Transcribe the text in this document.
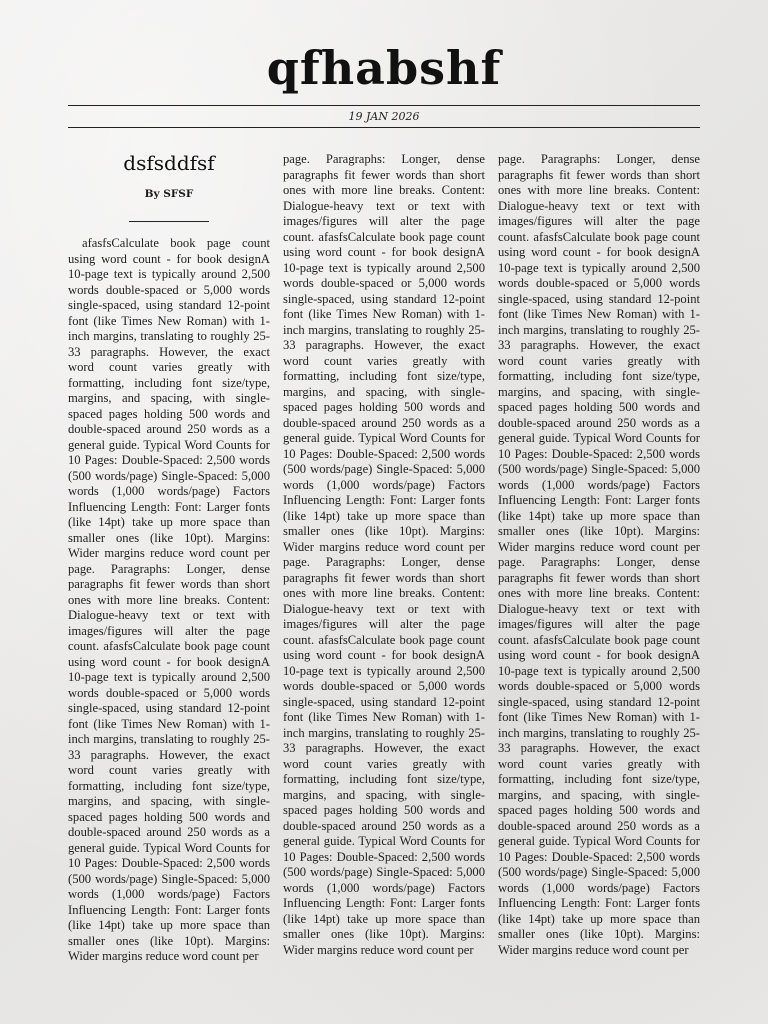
qfhabshf
19 JAN 2026
dsfsddfsf
By SFSF
afasfsCalculate book page count using word count - for book designA 10-page text is typically around 2,500 words double-spaced or 5,000 words single-spaced, using standard 12-point font (like Times New Roman) with 1-inch margins, translating to roughly 25-33 paragraphs. However, the exact word count varies greatly with formatting, including font size/type, margins, and spacing, with single-spaced pages holding 500 words and double-spaced around 250 words as a general guide. Typical Word Counts for 10 Pages: Double-Spaced: 2,500 words (500 words/page) Single-Spaced: 5,000 words (1,000 words/page) Factors Influencing Length: Font: Larger fonts (like 14pt) take up more space than smaller ones (like 10pt). Margins: Wider margins reduce word count per page. Paragraphs: Longer, dense paragraphs fit fewer words than short ones with more line breaks. Content: Dialogue-heavy text or text with images/figures will alter the page count. afasfsCalculate book page count using word count - for book designA 10-page text is typically around 2,500 words double-spaced or 5,000 words single-spaced, using standard 12-point font (like Times New Roman) with 1-inch margins, translating to roughly 25-33 paragraphs. However, the exact word count varies greatly with formatting, including font size/type, margins, and spacing, with single-spaced pages holding 500 words and double-spaced around 250 words as a general guide. Typical Word Counts for 10 Pages: Double-Spaced: 2,500 words (500 words/page) Single-Spaced: 5,000 words (1,000 words/page) Factors Influencing Length: Font: Larger fonts (like 14pt) take up more space than smaller ones (like 10pt). Margins: Wider margins reduce word count per
page. Paragraphs: Longer, dense paragraphs fit fewer words than short ones with more line breaks. Content: Dialogue-heavy text or text with images/figures will alter the page count. afasfsCalculate book page count using word count - for book designA 10-page text is typically around 2,500 words double-spaced or 5,000 words single-spaced, using standard 12-point font (like Times New Roman) with 1-inch margins, translating to roughly 25-33 paragraphs. However, the exact word count varies greatly with formatting, including font size/type, margins, and spacing, with single-spaced pages holding 500 words and double-spaced around 250 words as a general guide. Typical Word Counts for 10 Pages: Double-Spaced: 2,500 words (500 words/page) Single-Spaced: 5,000 words (1,000 words/page) Factors Influencing Length: Font: Larger fonts (like 14pt) take up more space than smaller ones (like 10pt). Margins: Wider margins reduce word count per page. Paragraphs: Longer, dense paragraphs fit fewer words than short ones with more line breaks. Content: Dialogue-heavy text or text with images/figures will alter the page count. afasfsCalculate book page count using word count - for book designA 10-page text is typically around 2,500 words double-spaced or 5,000 words single-spaced, using standard 12-point font (like Times New Roman) with 1-inch margins, translating to roughly 25-33 paragraphs. However, the exact word count varies greatly with formatting, including font size/type, margins, and spacing, with single-spaced pages holding 500 words and double-spaced around 250 words as a general guide. Typical Word Counts for 10 Pages: Double-Spaced: 2,500 words (500 words/page) Single-Spaced: 5,000 words (1,000 words/page) Factors Influencing Length: Font: Larger fonts (like 14pt) take up more space than smaller ones (like 10pt). Margins: Wider margins reduce word count per
page. Paragraphs: Longer, dense paragraphs fit fewer words than short ones with more line breaks. Content: Dialogue-heavy text or text with images/figures will alter the page count. afasfsCalculate book page count using word count - for book designA 10-page text is typically around 2,500 words double-spaced or 5,000 words single-spaced, using standard 12-point font (like Times New Roman) with 1-inch margins, translating to roughly 25-33 paragraphs. However, the exact word count varies greatly with formatting, including font size/type, margins, and spacing, with single-spaced pages holding 500 words and double-spaced around 250 words as a general guide. Typical Word Counts for 10 Pages: Double-Spaced: 2,500 words (500 words/page) Single-Spaced: 5,000 words (1,000 words/page) Factors Influencing Length: Font: Larger fonts (like 14pt) take up more space than smaller ones (like 10pt). Margins: Wider margins reduce word count per page. Paragraphs: Longer, dense paragraphs fit fewer words than short ones with more line breaks. Content: Dialogue-heavy text or text with images/figures will alter the page count. afasfsCalculate book page count using word count - for book designA 10-page text is typically around 2,500 words double-spaced or 5,000 words single-spaced, using standard 12-point font (like Times New Roman) with 1-inch margins, translating to roughly 25-33 paragraphs. However, the exact word count varies greatly with formatting, including font size/type, margins, and spacing, with single-spaced pages holding 500 words and double-spaced around 250 words as a general guide. Typical Word Counts for 10 Pages: Double-Spaced: 2,500 words (500 words/page) Single-Spaced: 5,000 words (1,000 words/page) Factors Influencing Length: Font: Larger fonts (like 14pt) take up more space than smaller ones (like 10pt). Margins: Wider margins reduce word count per
